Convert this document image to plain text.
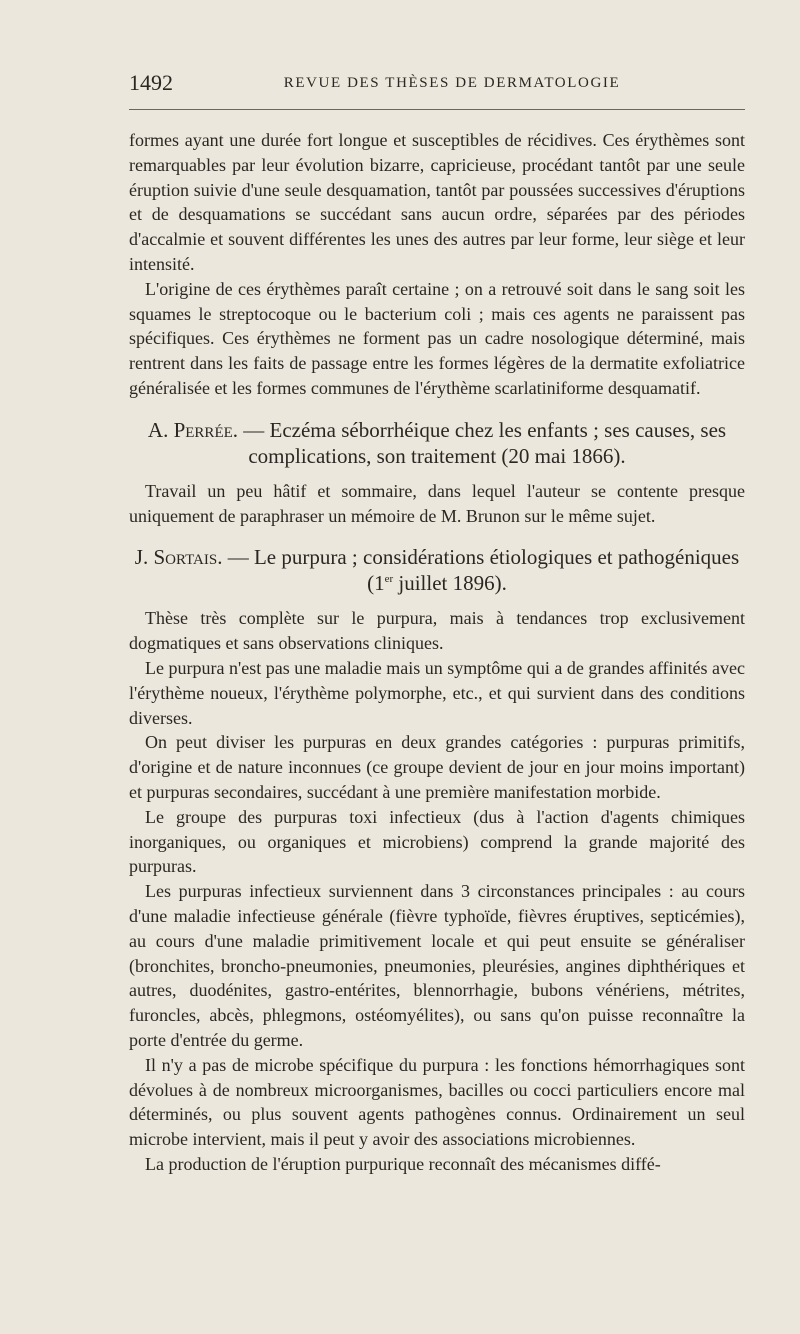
1492	REVUE DES THÈSES DE DERMATOLOGIE

formes ayant une durée fort longue et susceptibles de récidives. Ces érythèmes sont remarquables par leur évolution bizarre, capricieuse, procédant tantôt par une seule éruption suivie d'une seule desquamation, tantôt par poussées successives d'éruptions et de desquamations se succédant sans aucun ordre, séparées par des périodes d'accalmie et souvent différentes les unes des autres par leur forme, leur siège et leur intensité.

L'origine de ces érythèmes paraît certaine ; on a retrouvé soit dans le sang soit les squames le streptocoque ou le bacterium coli ; mais ces agents ne paraissent pas spécifiques. Ces érythèmes ne forment pas un cadre nosologique déterminé, mais rentrent dans les faits de passage entre les formes légères de la dermatite exfoliatrice généralisée et les formes communes de l'érythème scarlatiniforme desquamatif.

A. Perrée. — Eczéma séborrhéique chez les enfants ; ses causes, ses complications, son traitement (20 mai 1866).

Travail un peu hâtif et sommaire, dans lequel l'auteur se contente presque uniquement de paraphraser un mémoire de M. Brunon sur le même sujet.

J. Sortais. — Le purpura ; considérations étiologiques et pathogéniques (1er juillet 1896).

Thèse très complète sur le purpura, mais à tendances trop exclusivement dogmatiques et sans observations cliniques.

Le purpura n'est pas une maladie mais un symptôme qui a de grandes affinités avec l'érythème noueux, l'érythème polymorphe, etc., et qui survient dans des conditions diverses.

On peut diviser les purpuras en deux grandes catégories : purpuras primitifs, d'origine et de nature inconnues (ce groupe devient de jour en jour moins important) et purpuras secondaires, succédant à une première manifestation morbide.

Le groupe des purpuras toxi infectieux (dus à l'action d'agents chimiques inorganiques, ou organiques et microbiens) comprend la grande majorité des purpuras.

Les purpuras infectieux surviennent dans 3 circonstances principales : au cours d'une maladie infectieuse générale (fièvre typhoïde, fièvres éruptives, septicémies), au cours d'une maladie primitivement locale et qui peut ensuite se généraliser (bronchites, broncho-pneumonies, pneumonies, pleurésies, angines diphthériques et autres, duodénites, gastro-entérites, blennorrhagie, bubons vénériens, métrites, furoncles, abcès, phlegmons, ostéomyélites), ou sans qu'on puisse reconnaître la porte d'entrée du germe.

Il n'y a pas de microbe spécifique du purpura : les fonctions hémorrhagiques sont dévolues à de nombreux microorganismes, bacilles ou cocci particuliers encore mal déterminés, ou plus souvent agents pathogènes connus. Ordinairement un seul microbe intervient, mais il peut y avoir des associations microbiennes.

La production de l'éruption purpurique reconnaît des mécanismes diffé-
